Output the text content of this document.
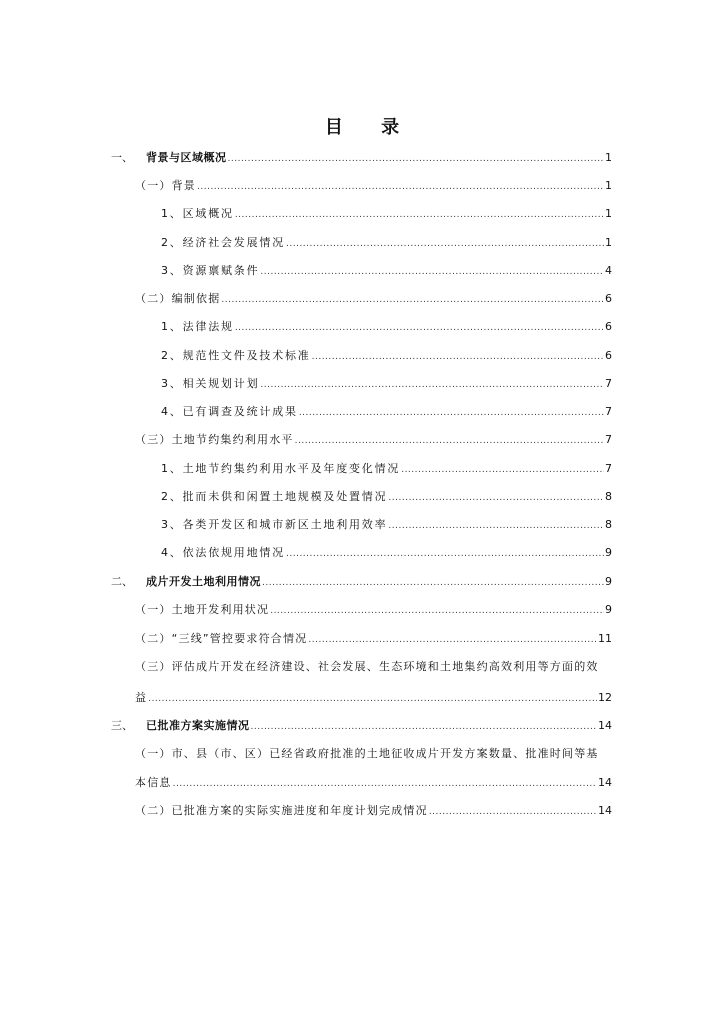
目 录
一、 背景与区域概况 .....	1
（一）背景 .....	1
1、区域概况 .....	1
2、经济社会发展情况 .....	1
3、资源禀赋条件 .....	4
（二）编制依据 .....	6
1、法律法规 .....	6
2、规范性文件及技术标准 .....	6
3、相关规划计划 .....	7
4、已有调查及统计成果 .....	7
（三）土地节约集约利用水平 .....	7
1、土地节约集约利用水平及年度变化情况 .....	7
2、批而未供和闲置土地规模及处置情况 .....	8
3、各类开发区和城市新区土地利用效率 .....	8
4、依法依规用地情况 .....	9
二、 成片开发土地利用情况 .....	9
（一）土地开发利用状况 .....	9
（二）“三线”管控要求符合情况 .....	11
（三）评估成片开发在经济建设、社会发展、生态环境和土地集约高效利用等方面的效
益 .....	12
三、 已批准方案实施情况 .....	14
（一）市、县（市、区）已经省政府批准的土地征收成片开发方案数量、批准时间等基
本信息 .....	14
（二）已批准方案的实际实施进度和年度计划完成情况 .....	14
